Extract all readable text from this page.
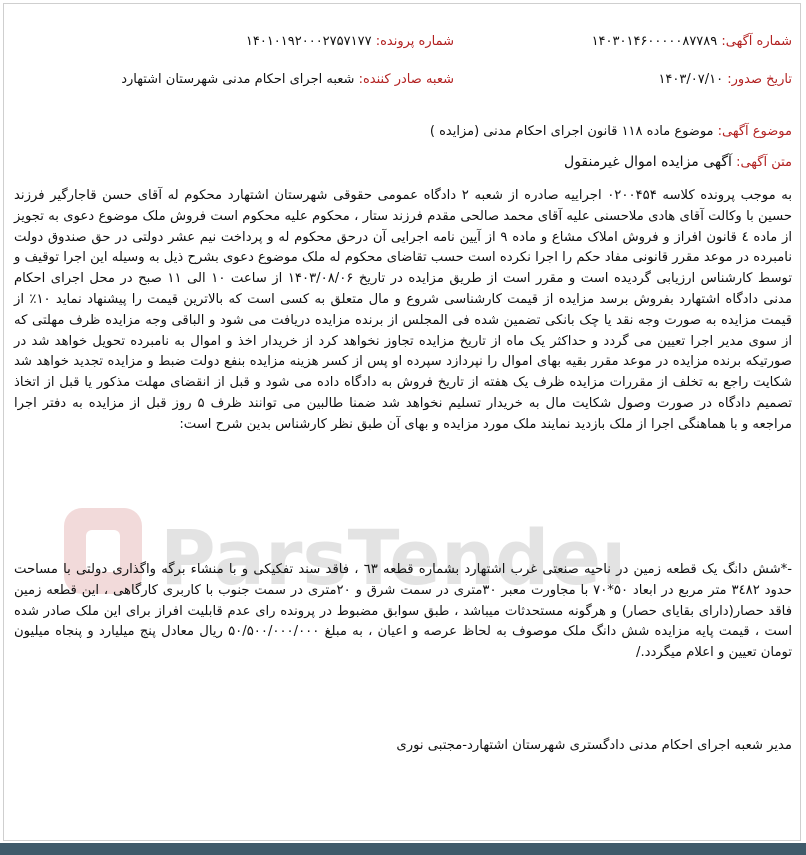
ParsTender
شماره آگهی: ۱۴۰۳۰۱۴۶۰۰۰۰۰۸۷۷۸۹
شماره پرونده: ۱۴۰۱۰۱۹۲۰۰۰۲۷۵۷۱۷۷
تاریخ صدور: ۱۴۰۳/۰۷/۱۰
شعبه صادر کننده: شعبه اجرای احکام مدنی شهرستان اشتهارد
موضوع آگهی: موضوع ماده ۱۱۸ قانون اجرای احکام مدنی (مزایده )
متن آگهی: آگهی مزایده اموال غیرمنقول

به موجب پرونده کلاسه ۰۲۰۰۴۵۴ اجراییه صادره از شعبه ۲ دادگاه عمومی حقوقی شهرستان اشتهارد محکوم له آقای حسن قاجارگیر فرزند حسین با وکالت آقای هادی ملاحسنی علیه آقای محمد صالحی مقدم فرزند ستار ، محکوم علیه محکوم است فروش ملک موضوع دعوی به تجویز از ماده ٤ قانون افراز و فروش املاک مشاع و ماده ۹ از آیین نامه اجرایی آن درحق محکوم له و پرداخت نیم عشر دولتی در حق صندوق دولت نامبرده در موعد مقرر قانونی مفاد حکم را اجرا نکرده است حسب تقاضای محکوم له ملک موضوع دعوی بشرح ذیل به وسیله این اجرا توقیف و توسط کارشناس ارزیابی گردیده است و مقرر است از طریق مزایده در تاریخ ۱۴۰۳/۰۸/۰۶ از ساعت ۱۰ الی ۱۱ صبح در محل اجرای احکام مدنی دادگاه اشتهارد بفروش برسد مزایده از قیمت کارشناسی شروع و مال متعلق به کسی است که بالاترین قیمت را پیشنهاد نماید ۱۰٪ از قیمت مزایده به صورت وجه نقد یا چک بانکی تضمین شده فی المجلس از برنده مزایده دریافت می شود و الباقی وجه مزایده ظرف مهلتی که از سوی مدیر اجرا تعیین می گردد و حداکثر یک ماه از تاریخ مزایده تجاوز نخواهد کرد از خریدار اخذ و اموال به نامبرده تحویل خواهد شد در صورتیکه برنده مزایده در موعد مقرر بقیه بهای اموال را نپردازد سپرده او پس از کسر هزینه مزایده بنفع دولت ضبط و مزایده تجدید خواهد شد شکایت راجع به تخلف از مقررات مزایده ظرف یک هفته از تاریخ فروش به دادگاه داده می شود و قبل از انقضای مهلت مذکور یا قبل از اتخاذ تصمیم دادگاه در صورت وصول شکایت مال به خریدار تسلیم نخواهد شد ضمنا طالبین می توانند ظرف ۵ روز قبل از مزایده به دفتر اجرا مراجعه و با هماهنگی اجرا از ملک بازدید نمایند ملک مورد مزایده و بهای آن طبق نظر کارشناس بدین شرح است:

-*شش دانگ یک قطعه زمین در ناحیه صنعتی غرب اشتهارد بشماره قطعه ٦٣ ، فاقد سند تفکیکی و با منشاء برگه واگذاری دولتی با مساحت حدود ۳٤۸۲ متر مربع در ابعاد ۵۰*۷۰ با مجاورت معبر ۳۰متری در سمت شرق و ۲۰متری در سمت جنوب با کاربری کارگاهی ، این قطعه زمین فاقد حصار(دارای بقایای حصار) و هرگونه مستحدثات میباشد ، طبق سوابق مضبوط در پرونده رای عدم قابلیت افراز برای این ملک صادر شده است ، قیمت پایه مزایده شش دانگ ملک موصوف به لحاظ عرصه و اعیان ، به مبلغ ۵۰/۵۰۰/۰۰۰/۰۰۰ ریال معادل پنج میلیارد و پنجاه میلیون تومان تعیین و اعلام میگردد./

مدیر شعبه اجرای احکام مدنی دادگستری شهرستان اشتهارد-مجتبی نوری
